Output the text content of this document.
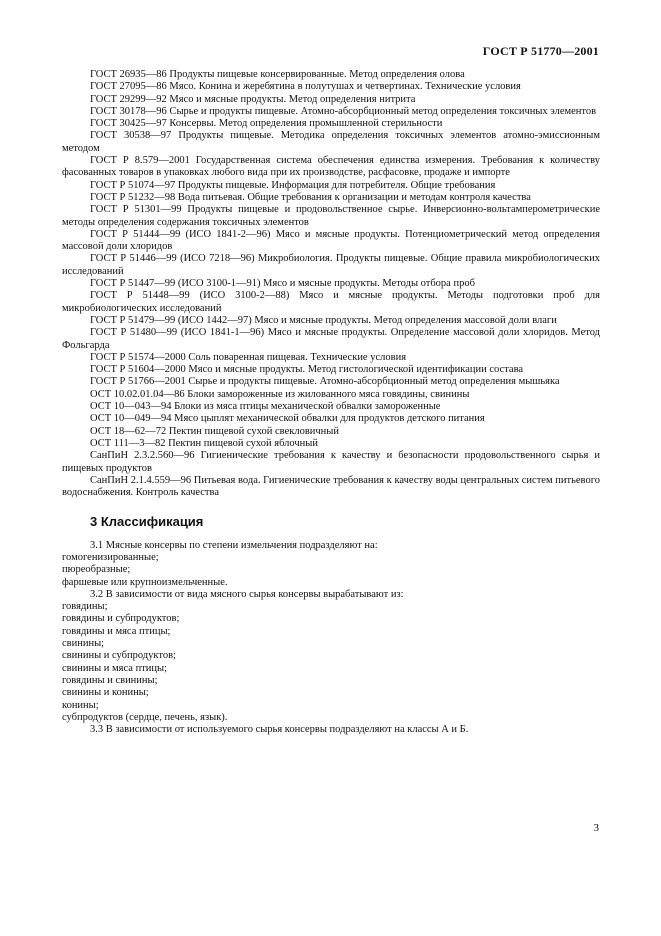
ГОСТ Р 51770—2001

ГОСТ 26935—86 Продукты пищевые консервированные. Метод определения олова

ГОСТ 27095—86 Мясо. Конина и жеребятина в полутушах и четвертинах. Технические условия

ГОСТ 29299—92 Мясо и мясные продукты. Метод определения нитрита

ГОСТ 30178—96 Сырье и продукты пищевые. Атомно-абсорбционный метод определения токсичных элементов

ГОСТ 30425—97 Консервы. Метод определения промышленной стерильности

ГОСТ 30538—97 Продукты пищевые. Методика определения токсичных элементов атомно-эмиссионным методом

ГОСТ Р 8.579—2001 Государственная система обеспечения единства измерения. Требования к количеству фасованных товаров в упаковках любого вида при их производстве, расфасовке, продаже и импорте

ГОСТ Р 51074—97 Продукты пищевые. Информация для потребителя. Общие требования

ГОСТ Р 51232—98 Вода питьевая. Общие требования к организации и методам контроля качества

ГОСТ Р 51301—99 Продукты пищевые и продовольственное сырье. Инверсионно-вольтамперометрические методы определения содержания токсичных элементов

ГОСТ Р 51444—99 (ИСО 1841-2—96) Мясо и мясные продукты. Потенциометрический метод определения массовой доли хлоридов

ГОСТ Р 51446—99 (ИСО 7218—96) Микробиология. Продукты пищевые. Общие правила микробиологических исследований

ГОСТ Р 51447—99 (ИСО 3100-1—91) Мясо и мясные продукты. Методы отбора проб

ГОСТ Р 51448—99 (ИСО 3100-2—88) Мясо и мясные продукты. Методы подготовки проб для микробиологических исследований

ГОСТ Р 51479—99 (ИСО 1442—97) Мясо и мясные продукты. Метод определения массовой доли влаги

ГОСТ Р 51480—99 (ИСО 1841-1—96) Мясо и мясные продукты. Определение массовой доли хлоридов. Метод Фольгарда

ГОСТ Р 51574—2000 Соль поваренная пищевая. Технические условия

ГОСТ Р 51604—2000 Мясо и мясные продукты. Метод гистологической идентификации состава

ГОСТ Р 51766—2001 Сырье и продукты пищевые. Атомно-абсорбционный метод определения мышьяка

ОСТ 10.02.01.04—86 Блоки замороженные из жилованного мяса говядины, свинины

ОСТ 10—043—94 Блоки из мяса птицы механической обвалки замороженные

ОСТ 10—049—94 Мясо цыплят механической обвалки для продуктов детского питания

ОСТ 18—62—72 Пектин пищевой сухой свекловичный

ОСТ 111—3—82 Пектин пищевой сухой яблочный

СанПиН 2.3.2.560—96 Гигиенические требования к качеству и безопасности продовольственного сырья и пищевых продуктов

СанПиН 2.1.4.559—96 Питьевая вода. Гигиенические требования к качеству воды центральных систем питьевого водоснабжения. Контроль качества

3 Классификация

3.1 Мясные консервы по степени измельчения подразделяют на:

гомогенизированные;

пюреобразные;

фаршевые или крупноизмельченные.

3.2 В зависимости от вида мясного сырья консервы вырабатывают из:

говядины;

говядины и субпродуктов;

говядины и мяса птицы;

свинины;

свинины и субпродуктов;

свинины и мяса птицы;

говядины и свинины;

свинины и конины;

конины;

субпродуктов (сердце, печень, язык).

3.3 В зависимости от используемого сырья консервы подразделяют на классы А и Б.

3
